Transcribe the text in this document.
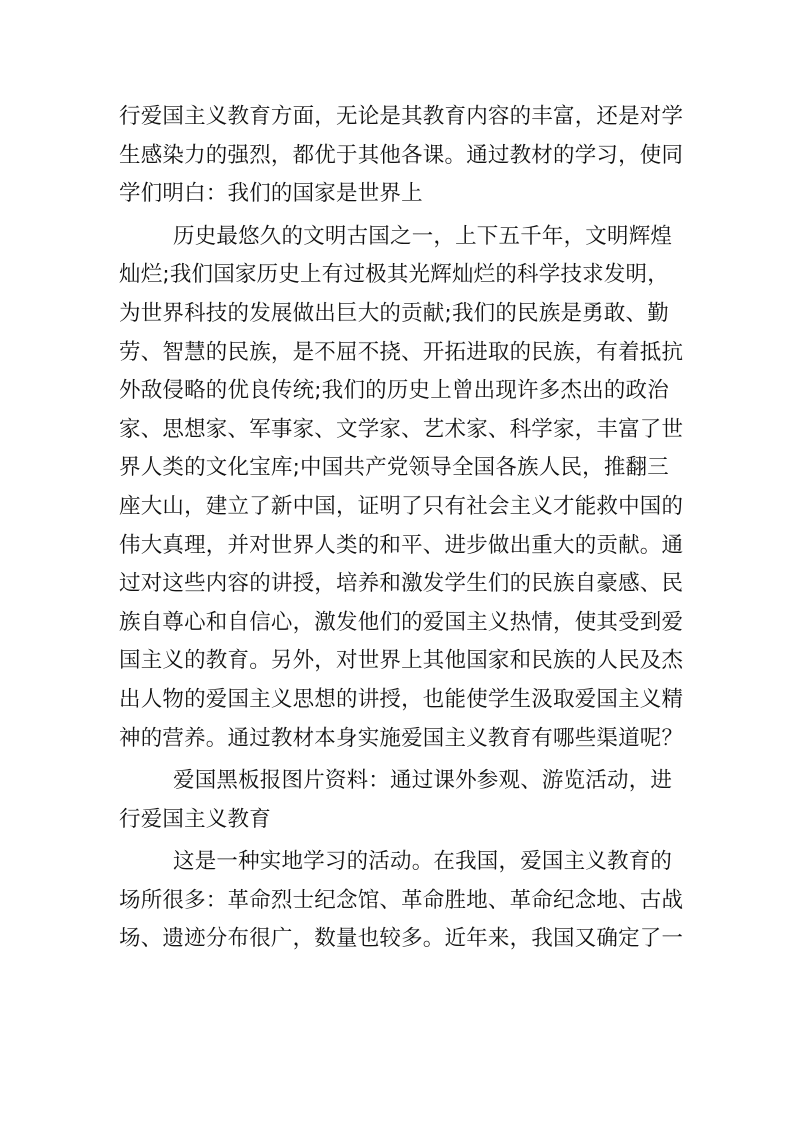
行爱国主义教育方面，无论是其教育内容的丰富，还是对学
生感染力的强烈，都优于其他各课。通过教材的学习，使同
学们明白：我们的国家是世界上
历史最悠久的文明古国之一，上下五千年，文明辉煌
灿烂;我们国家历史上有过极其光辉灿烂的科学技求发明，
为世界科技的发展做出巨大的贡献;我们的民族是勇敢、勤
劳、智慧的民族，是不屈不挠、开拓进取的民族，有着抵抗
外敌侵略的优良传统;我们的历史上曾出现许多杰出的政治
家、思想家、军事家、文学家、艺术家、科学家，丰富了世
界人类的文化宝库;中国共产党领导全国各族人民，推翻三
座大山，建立了新中国，证明了只有社会主义才能救中国的
伟大真理，并对世界人类的和平、进步做出重大的贡献。通
过对这些内容的讲授，培养和激发学生们的民族自豪感、民
族自尊心和自信心，激发他们的爱国主义热情，使其受到爱
国主义的教育。另外，对世界上其他国家和民族的人民及杰
出人物的爱国主义思想的讲授，也能使学生汲取爱国主义精
神的营养。通过教材本身实施爱国主义教育有哪些渠道呢？
爱国黑板报图片资料：通过课外参观、游览活动，进
行爱国主义教育
这是一种实地学习的活动。在我国，爱国主义教育的
场所很多：革命烈士纪念馆、革命胜地、革命纪念地、古战
场、遗迹分布很广，数量也较多。近年来，我国又确定了一
